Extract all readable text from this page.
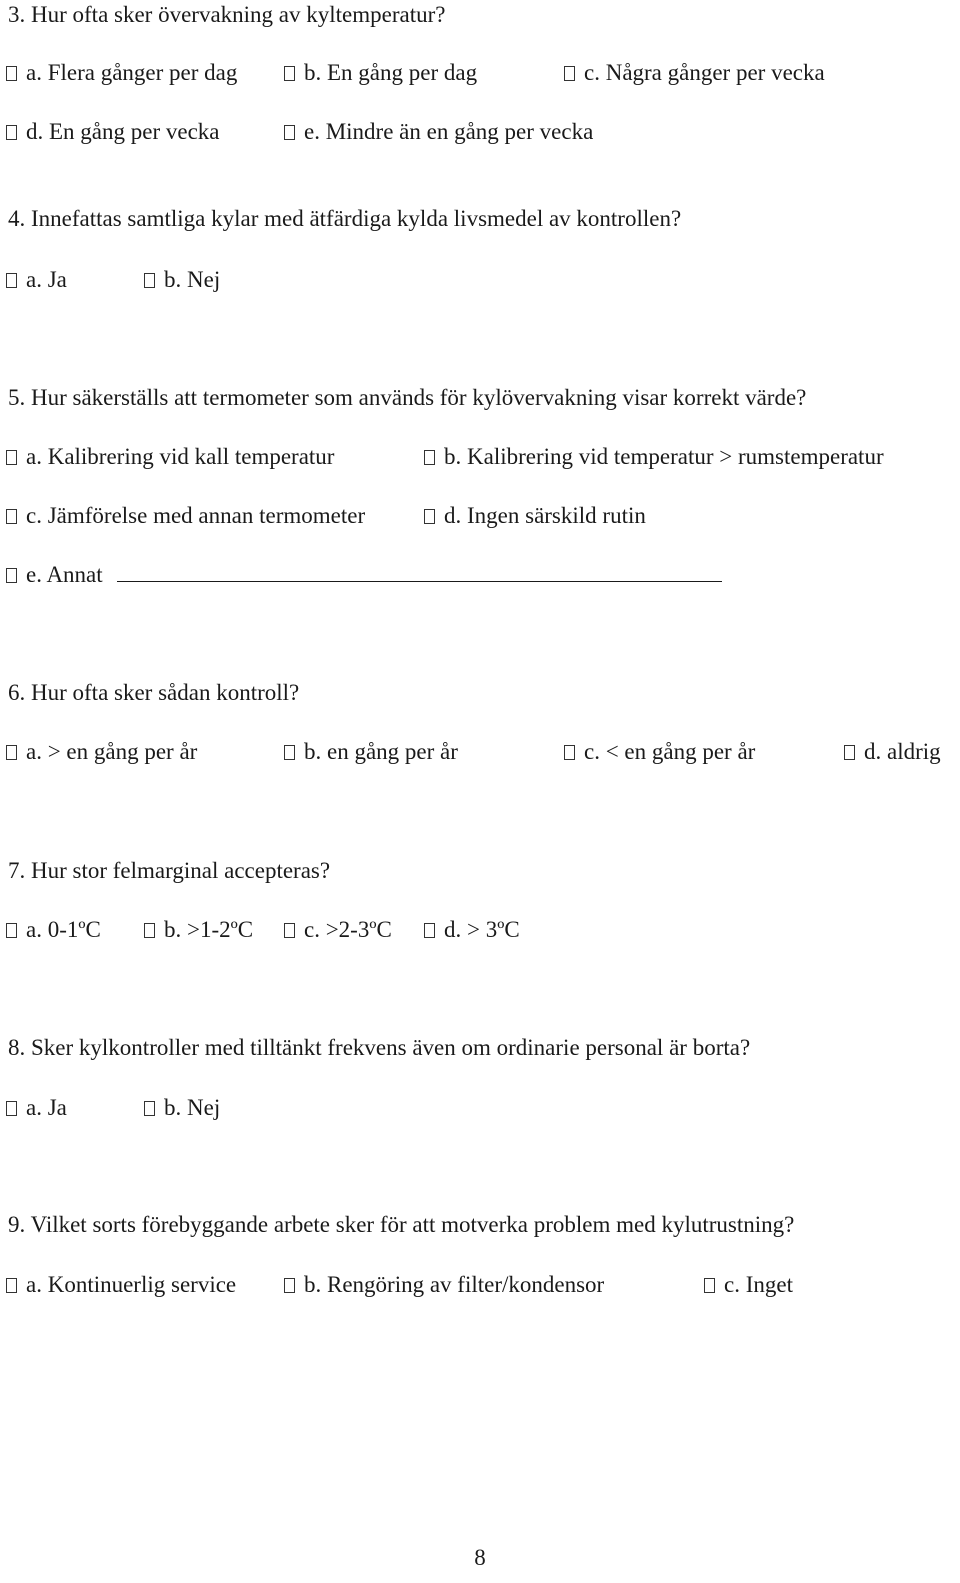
3. Hur ofta sker övervakning av kyltemperatur?
a. Flera gånger per dag	b. En gång per dag	c. Några gånger per vecka
d. En gång per vecka	e. Mindre än en gång per vecka
4. Innefattas samtliga kylar med ätfärdiga kylda livsmedel av kontrollen?
a. Ja	b. Nej
5. Hur säkerställs att termometer som används för kylövervakning visar korrekt värde?
a. Kalibrering vid kall temperatur	b. Kalibrering vid temperatur > rumstemperatur
c. Jämförelse med annan termometer	d. Ingen särskild rutin
e. Annat
6. Hur ofta sker sådan kontroll?
a. > en gång per år	b. en gång per år	c. < en gång per år	d. aldrig
7. Hur stor felmarginal accepteras?
a. 0-1ºC	b. >1-2ºC c. >2-3ºC d. > 3ºC
8. Sker kylkontroller med tilltänkt frekvens även om ordinarie personal är borta?
a. Ja	b. Nej
9. Vilket sorts förebyggande arbete sker för att motverka problem med kylutrustning?
a. Kontinuerlig service	b. Rengöring av filter/kondensor	c. Inget
8
